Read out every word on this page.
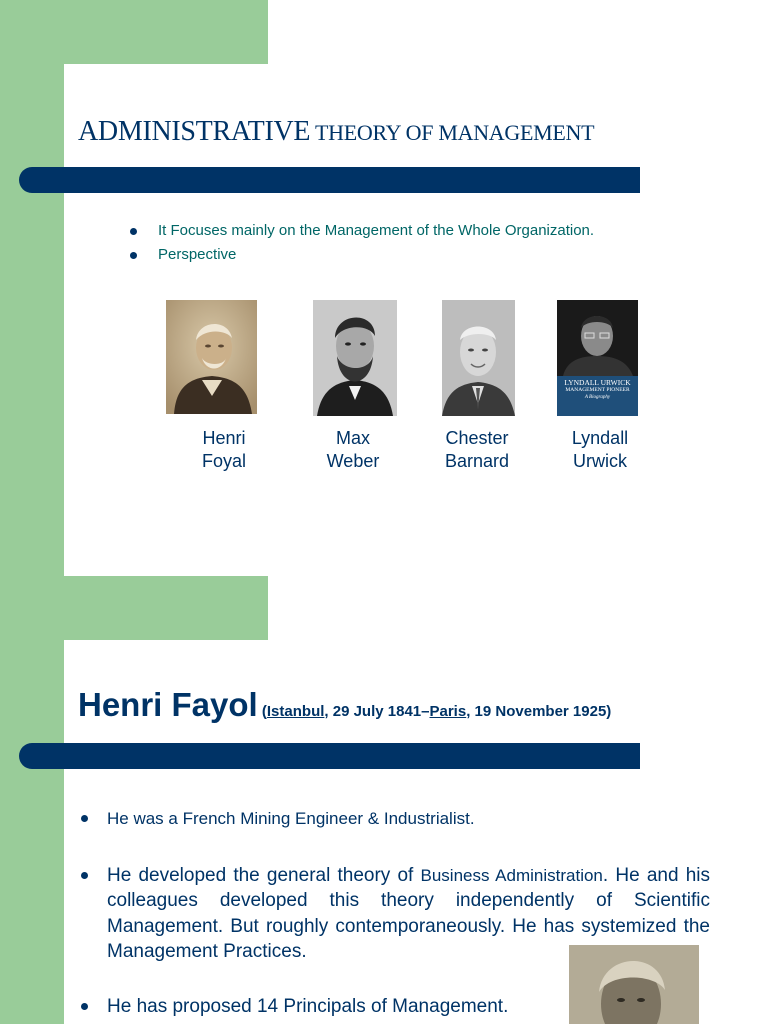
ADMINISTRATIVE THEORY OF MANAGEMENT
It Focuses mainly on the Management of the Whole Organization.
Perspective
LYNDALL URWICK
MANAGEMENT PIONEER
A Biography
Henri
Foyal
Max
Weber
Chester
Barnard
Lyndall
Urwick
Henri Fayol (Istanbul, 29 July 1841–Paris, 19 November 1925)
He was a French Mining Engineer & Industrialist.
He developed the general theory of Business Administration. He and his colleagues developed this theory independently of Scientific Management. But roughly contemporaneously. He has systemized the Management Practices.
He has proposed 14 Principals of Management.
